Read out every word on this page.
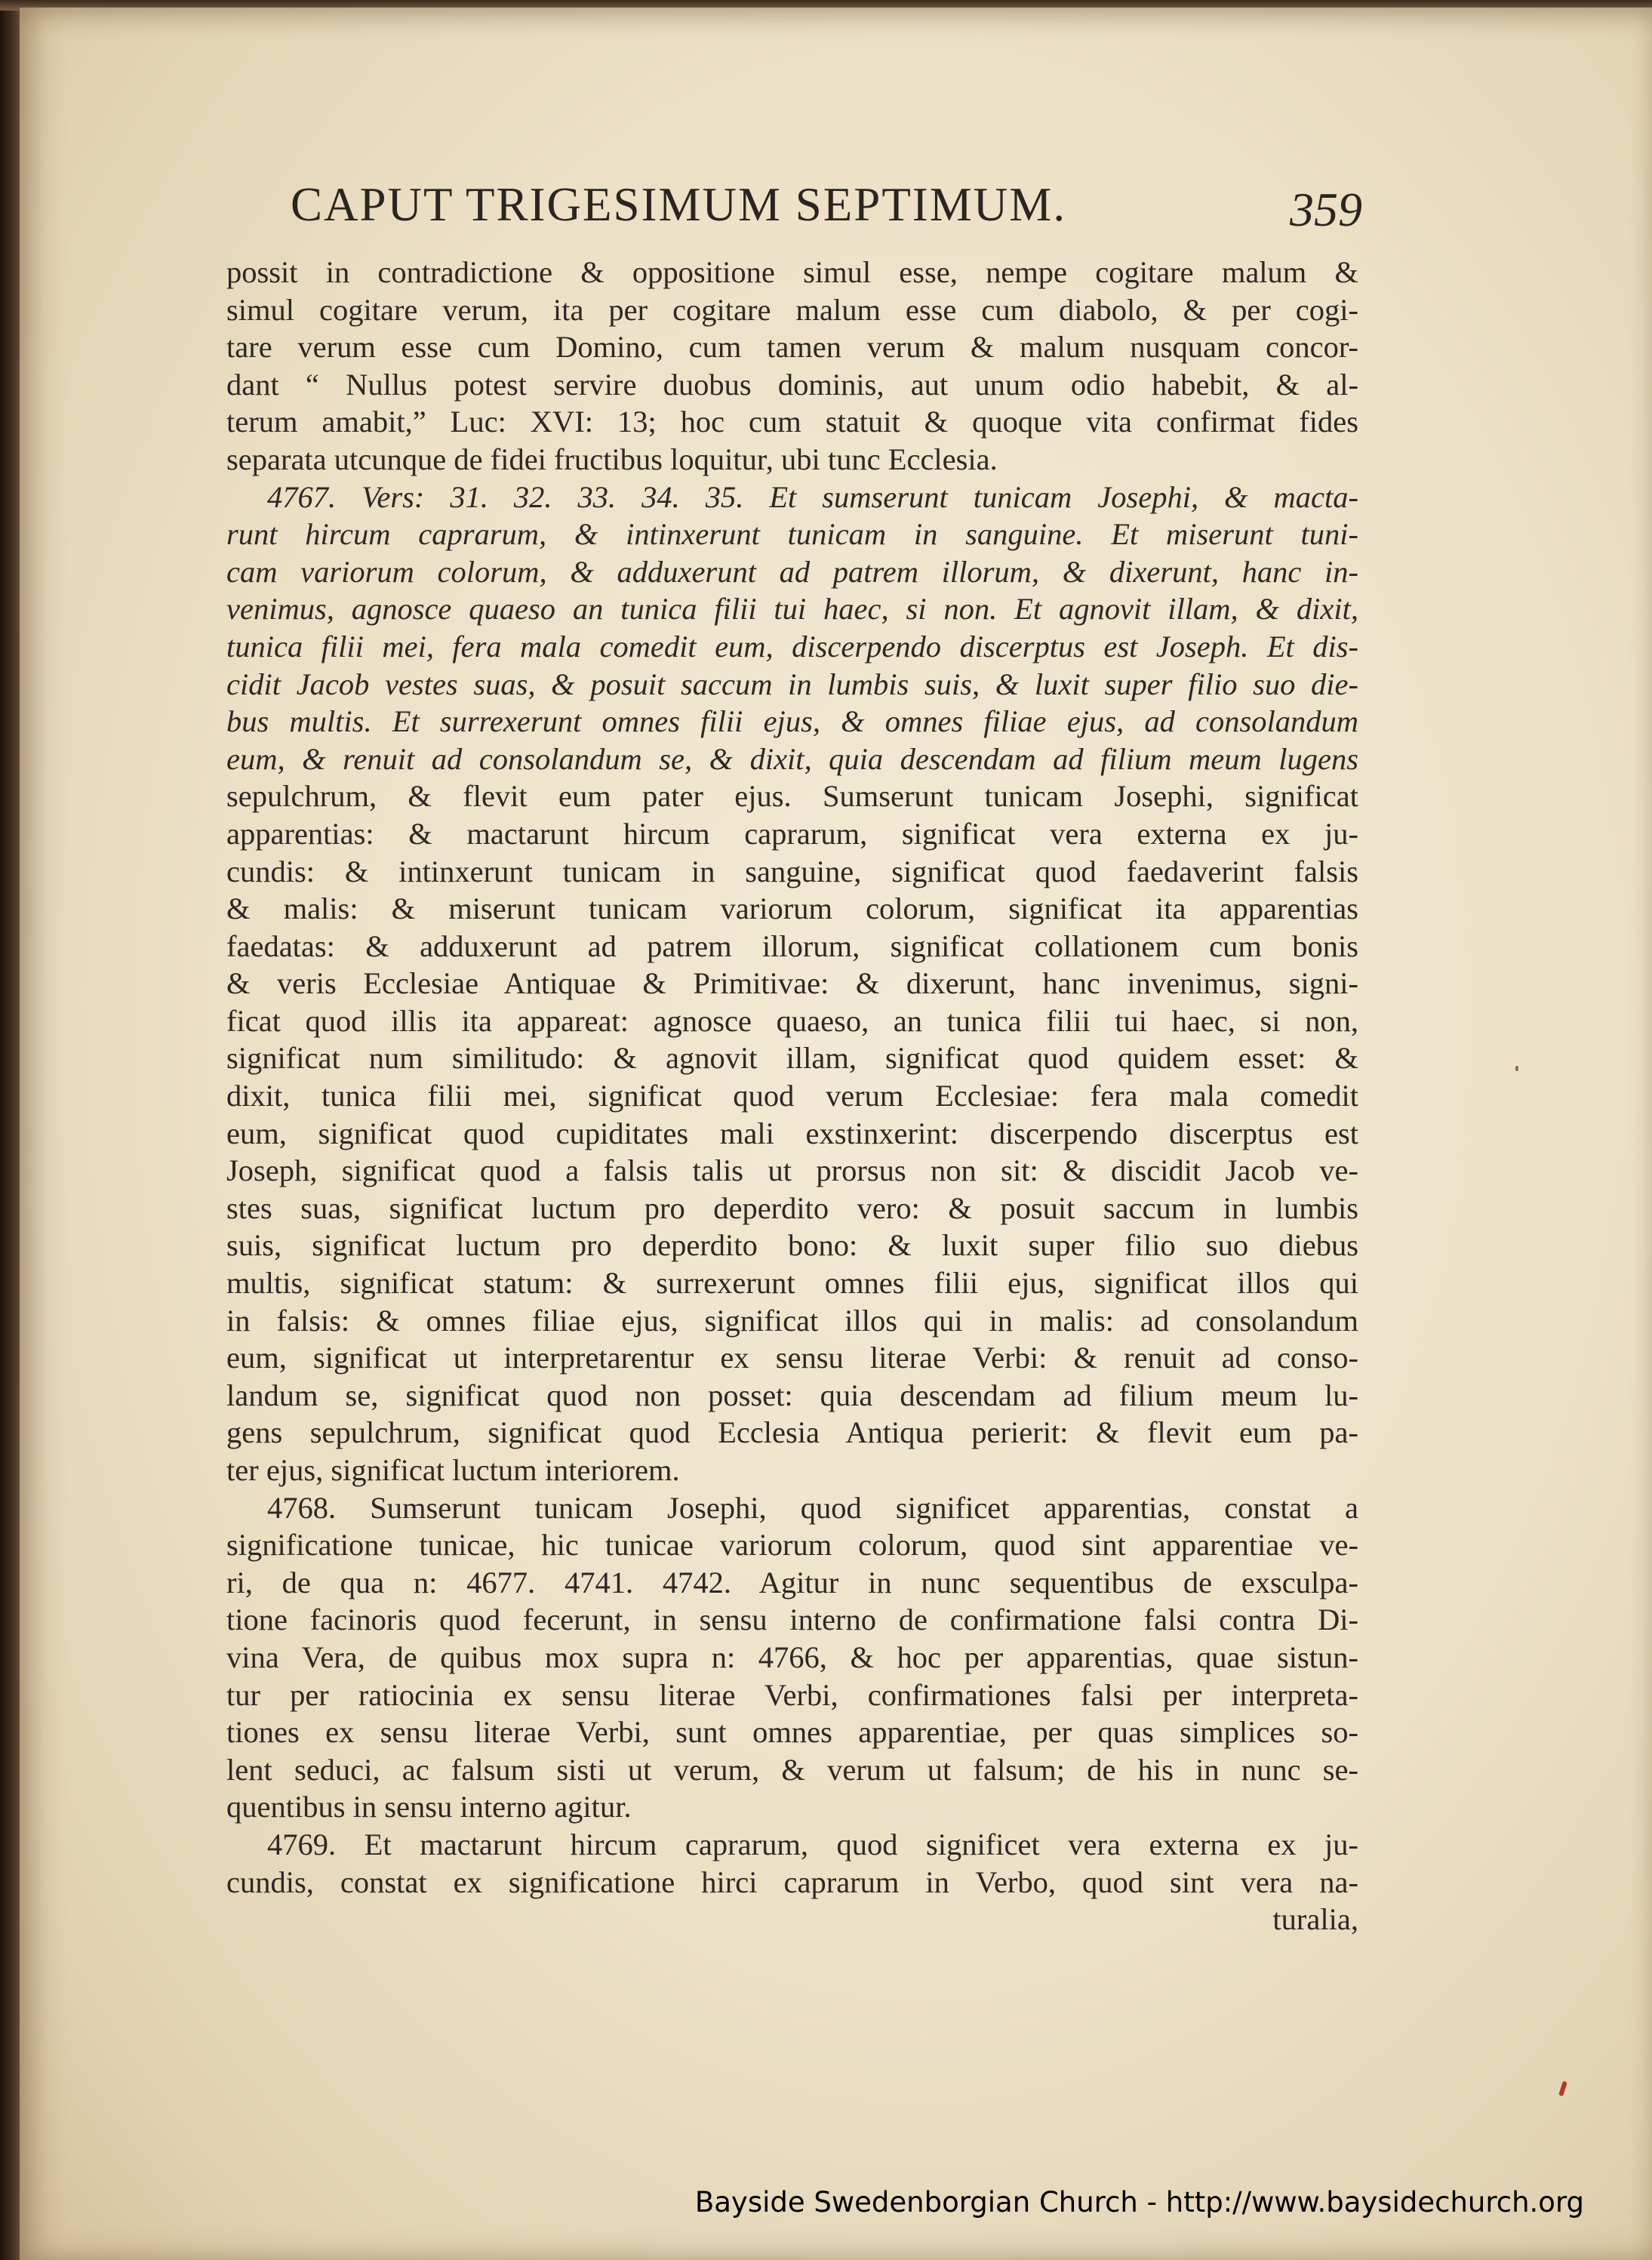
CAPUT TRIGESIMUM SEPTIMUM.	359
possit in contradictione & oppositione simul esse, nempe cogitare malum &
simul cogitare verum, ita per cogitare malum esse cum diabolo, & per cogi-
tare verum esse cum Domino, cum tamen verum & malum nusquam concor-
dant “ Nullus potest servire duobus dominis, aut unum odio habebit, & al-
terum amabit,” Luc: XVI: 13; hoc cum statuit & quoque vita confirmat fides
separata utcunque de fidei fructibus loquitur, ubi tunc Ecclesia.
4767. Vers: 31. 32. 33. 34. 35. Et sumserunt tunicam Josephi, & macta-
runt hircum caprarum, & intinxerunt tunicam in sanguine. Et miserunt tuni-
cam variorum colorum, & adduxerunt ad patrem illorum, & dixerunt, hanc in-
venimus, agnosce quaeso an tunica filii tui haec, si non. Et agnovit illam, & dixit,
tunica filii mei, fera mala comedit eum, discerpendo discerptus est Joseph. Et dis-
cidit Jacob vestes suas, & posuit saccum in lumbis suis, & luxit super filio suo die-
bus multis. Et surrexerunt omnes filii ejus, & omnes filiae ejus, ad consolandum
eum, & renuit ad consolandum se, & dixit, quia descendam ad filium meum lugens
sepulchrum, & flevit eum pater ejus. Sumserunt tunicam Josephi, significat
apparentias: & mactarunt hircum caprarum, significat vera externa ex ju-
cundis: & intinxerunt tunicam in sanguine, significat quod faedaverint falsis
& malis: & miserunt tunicam variorum colorum, significat ita apparentias
faedatas: & adduxerunt ad patrem illorum, significat collationem cum bonis
& veris Ecclesiae Antiquae & Primitivae: & dixerunt, hanc invenimus, signi-
ficat quod illis ita appareat: agnosce quaeso, an tunica filii tui haec, si non,
significat num similitudo: & agnovit illam, significat quod quidem esset: &
dixit, tunica filii mei, significat quod verum Ecclesiae: fera mala comedit
eum, significat quod cupiditates mali exstinxerint: discerpendo discerptus est
Joseph, significat quod a falsis talis ut prorsus non sit: & discidit Jacob ve-
stes suas, significat luctum pro deperdito vero: & posuit saccum in lumbis
suis, significat luctum pro deperdito bono: & luxit super filio suo diebus
multis, significat statum: & surrexerunt omnes filii ejus, significat illos qui
in falsis: & omnes filiae ejus, significat illos qui in malis: ad consolandum
eum, significat ut interpretarentur ex sensu literae Verbi: & renuit ad conso-
landum se, significat quod non posset: quia descendam ad filium meum lu-
gens sepulchrum, significat quod Ecclesia Antiqua perierit: & flevit eum pa-
ter ejus, significat luctum interiorem.
4768. Sumserunt tunicam Josephi, quod significet apparentias, constat a
significatione tunicae, hic tunicae variorum colorum, quod sint apparentiae ve-
ri, de qua n: 4677. 4741. 4742. Agitur in nunc sequentibus de exsculpa-
tione facinoris quod fecerunt, in sensu interno de confirmatione falsi contra Di-
vina Vera, de quibus mox supra n: 4766, & hoc per apparentias, quae sistun-
tur per ratiocinia ex sensu literae Verbi, confirmationes falsi per interpreta-
tiones ex sensu literae Verbi, sunt omnes apparentiae, per quas simplices so-
lent seduci, ac falsum sisti ut verum, & verum ut falsum; de his in nunc se-
quentibus in sensu interno agitur.
4769. Et mactarunt hircum caprarum, quod significet vera externa ex ju-
cundis, constat ex significatione hirci caprarum in Verbo, quod sint vera na-
turalia,
Bayside Swedenborgian Church - http://www.baysidechurch.org
